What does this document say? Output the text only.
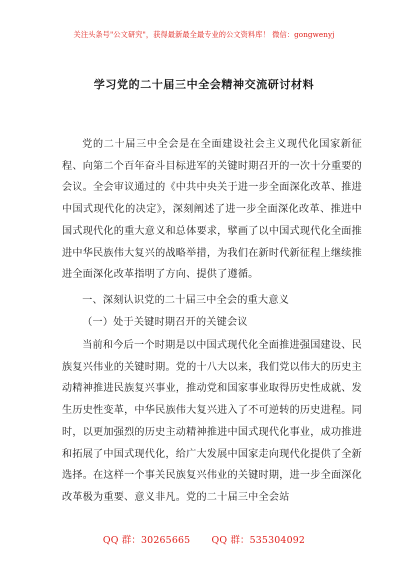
关注头条号"公文研究"，获得最新最全最专业的公文资料库！ 微信：gongwenyj
学习党的二十届三中全会精神交流研讨材料

党的二十届三中全会是在全面建设社会主义现代化国家新征程、向第二个百年奋斗目标进军的关键时期召开的一次十分重要的会议。全会审议通过的《中共中央关于进一步全面深化改革、推进中国式现代化的决定》，深刻阐述了进一步全面深化改革、推进中国式现代化的重大意义和总体要求，擘画了以中国式现代化全面推进中华民族伟大复兴的战略举措，为我们在新时代新征程上继续推进全面深化改革指明了方向、提供了遵循。

一、深刻认识党的二十届三中全会的重大意义
（一）处于关键时期召开的关键会议

当前和今后一个时期是以中国式现代化全面推进强国建设、民族复兴伟业的关键时期。党的十八大以来，我们党以伟大的历史主动精神推进民族复兴事业，推动党和国家事业取得历史性成就、发生历史性变革，中华民族伟大复兴进入了不可逆转的历史进程。同时，以更加强烈的历史主动精神推进中国式现代化事业，成功推进和拓展了中国式现代化，给广大发展中国家走向现代化提供了全新选择。在这样一个事关民族复兴伟业的关键时期，进一步全面深化改革极为重要、意义非凡。党的二十届三中全会站

QQ 群：30265665 QQ 群：535304092
